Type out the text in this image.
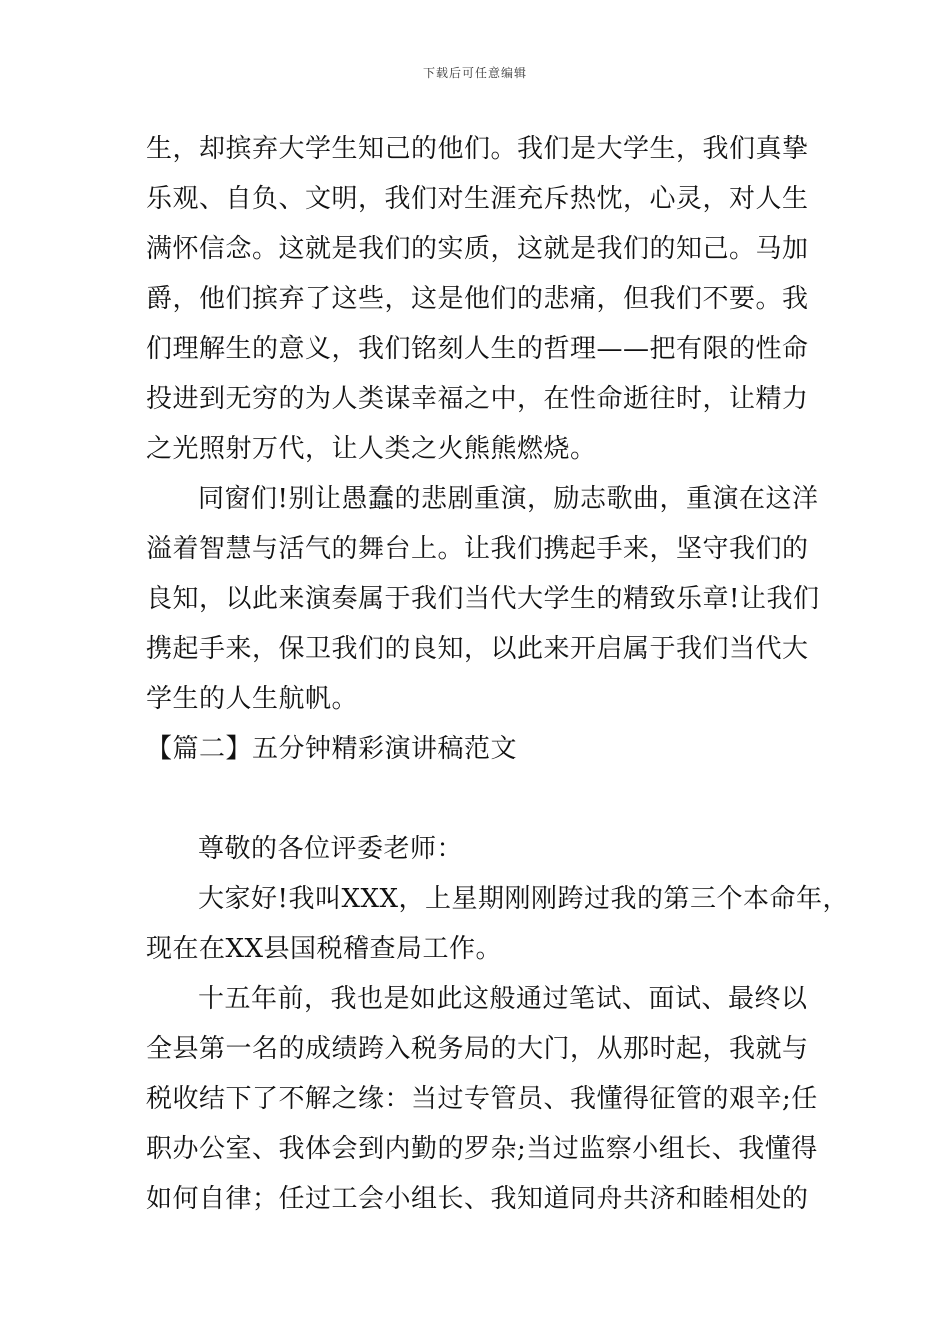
下载后可任意编辑
生，却摈弃大学生知己的他们。我们是大学生，我们真挚
乐观、自负、文明，我们对生涯充斥热忱，心灵，对人生
满怀信念。这就是我们的实质，这就是我们的知己。马加
爵，他们摈弃了这些，这是他们的悲痛，但我们不要。我
们理解生的意义，我们铭刻人生的哲理——把有限的性命
投进到无穷的为人类谋幸福之中，在性命逝往时，让精力
之光照射万代，让人类之火熊熊燃烧。
同窗们!别让愚蠢的悲剧重演，励志歌曲，重演在这洋
溢着智慧与活气的舞台上。让我们携起手来，坚守我们的
良知，以此来演奏属于我们当代大学生的精致乐章!让我们
携起手来，保卫我们的良知，以此来开启属于我们当代大
学生的人生航帆。
【篇二】五分钟精彩演讲稿范文
尊敬的各位评委老师：
大家好!我叫XXX，上星期刚刚跨过我的第三个本命年，
现在在XX县国税稽查局工作。
十五年前，我也是如此这般通过笔试、面试、最终以
全县第一名的成绩跨入税务局的大门，从那时起，我就与
税收结下了不解之缘：当过专管员、我懂得征管的艰辛;任
职办公室、我体会到内勤的罗杂;当过监察小组长、我懂得
如何自律；任过工会小组长、我知道同舟共济和睦相处的
